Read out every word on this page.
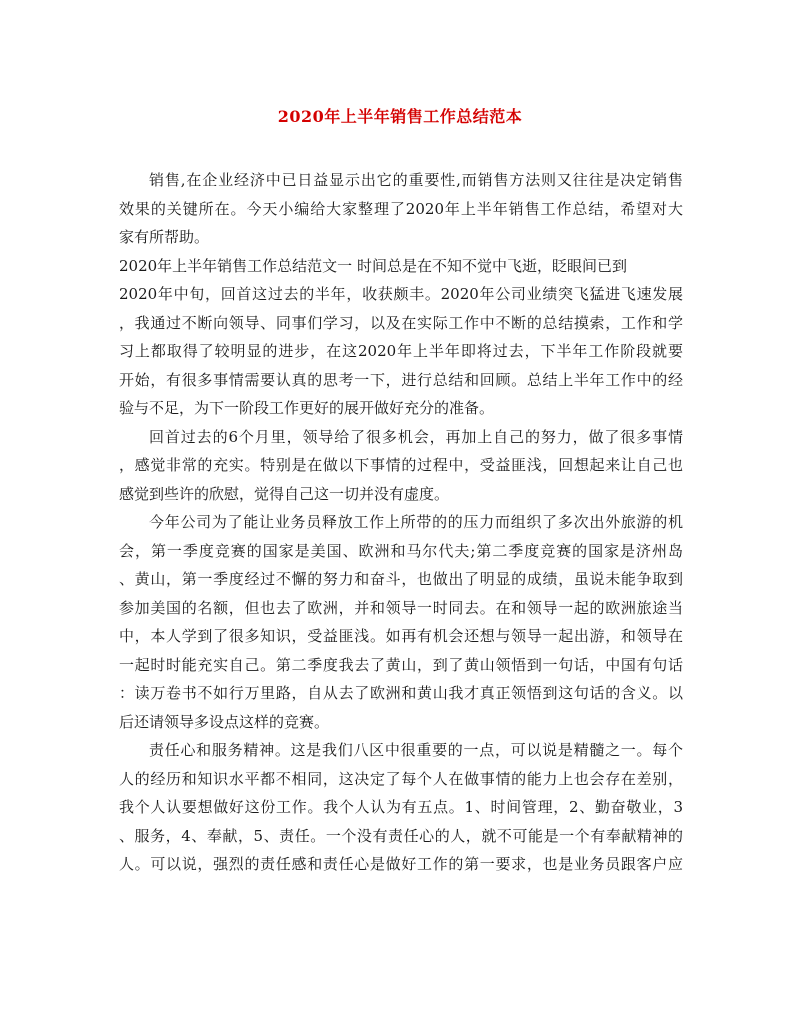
2020年上半年销售工作总结范本
销售,在企业经济中已日益显示出它的重要性,而销售方法则又往往是决定销售
效果的关键所在。今天小编给大家整理了2020年上半年销售工作总结，希望对大
家有所帮助。
2020年上半年销售工作总结范文一 时间总是在不知不觉中飞逝，眨眼间已到
2020年中旬，回首这过去的半年，收获颇丰。2020年公司业绩突飞猛进飞速发展
，我通过不断向领导、同事们学习，以及在实际工作中不断的总结摸索，工作和学
习上都取得了较明显的进步，在这2020年上半年即将过去，下半年工作阶段就要
开始，有很多事情需要认真的思考一下，进行总结和回顾。总结上半年工作中的经
验与不足，为下一阶段工作更好的展开做好充分的准备。
回首过去的6个月里，领导给了很多机会，再加上自己的努力，做了很多事情
，感觉非常的充实。特别是在做以下事情的过程中，受益匪浅，回想起来让自己也
感觉到些许的欣慰，觉得自己这一切并没有虚度。
今年公司为了能让业务员释放工作上所带的的压力而组织了多次出外旅游的机
会，第一季度竞赛的国家是美国、欧洲和马尔代夫;第二季度竞赛的国家是济州岛
、黄山，第一季度经过不懈的努力和奋斗，也做出了明显的成绩，虽说未能争取到
参加美国的名额，但也去了欧洲，并和领导一时同去。在和领导一起的欧洲旅途当
中，本人学到了很多知识，受益匪浅。如再有机会还想与领导一起出游，和领导在
一起时时能充实自己。第二季度我去了黄山，到了黄山领悟到一句话，中国有句话
：读万卷书不如行万里路，自从去了欧洲和黄山我才真正领悟到这句话的含义。以
后还请领导多设点这样的竞赛。
责任心和服务精神。这是我们八区中很重要的一点，可以说是精髓之一。每个
人的经历和知识水平都不相同，这决定了每个人在做事情的能力上也会存在差别，
我个人认要想做好这份工作。我个人认为有五点。1、时间管理，2、勤奋敬业，3
、服务，4、奉献，5、责任。一个没有责任心的人，就不可能是一个有奉献精神的
人。可以说，强烈的责任感和责任心是做好工作的第一要求，也是业务员跟客户应
